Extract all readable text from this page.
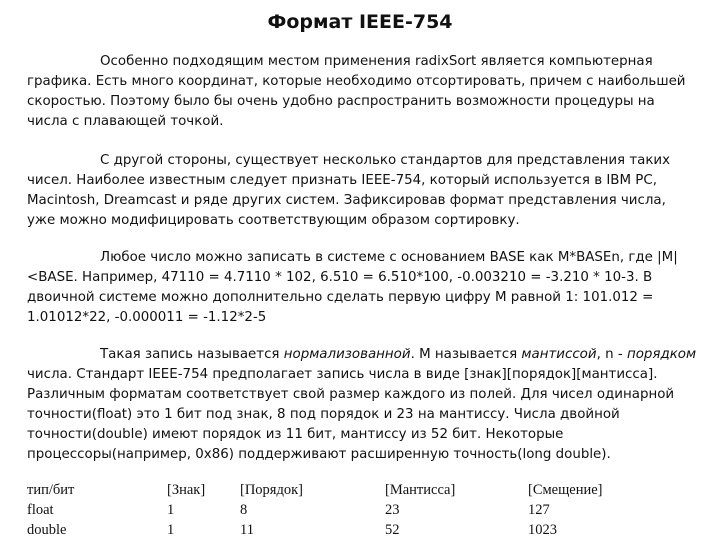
Формат IEEE-754

Особенно подходящим местом применения radixSort является компьютерная графика. Есть много координат, которые необходимо отсортировать, причем с наибольшей скоростью. Поэтому было бы очень удобно распространить возможности процедуры на числа с плавающей точкой.

С другой стороны, существует несколько стандартов для представления таких чисел. Наиболее известным следует признать IEEE-754, который используется в IBM PC, Macintosh, Dreamcast и ряде других систем. Зафиксировав формат представления числа, уже можно модифицировать соответствующим образом сортировку.

Любое число можно записать в системе с основанием BASE как M*BASEn, где |M|<BASE. Например, 47110 = 4.7110 * 102, 6.510 = 6.510*100, -0.003210 = -3.210 * 10-3. В двоичной системе можно дополнительно сделать первую цифру M равной 1: 101.012 = 1.01012*22, -0.000011 = -1.12*2-5

Такая запись называется нормализованной. M называется мантиссой, n - порядком числа. Стандарт IEEE-754 предполагает запись числа в виде [знак][порядок][мантисса]. Различным форматам соответствует свой размер каждого из полей. Для чисел одинарной точности(float) это 1 бит под знак, 8 под порядок и 23 на мантиссу. Числа двойной точности(double) имеют порядок из 11 бит, мантиссу из 52 бит. Некоторые процессоры(например, 0x86) поддерживают расширенную точность(long double).

тип/бит	[Знак]	[Порядок]	[Мантисса]	[Смещение]
float	1	8	23	127
double	1	11	52	1023
